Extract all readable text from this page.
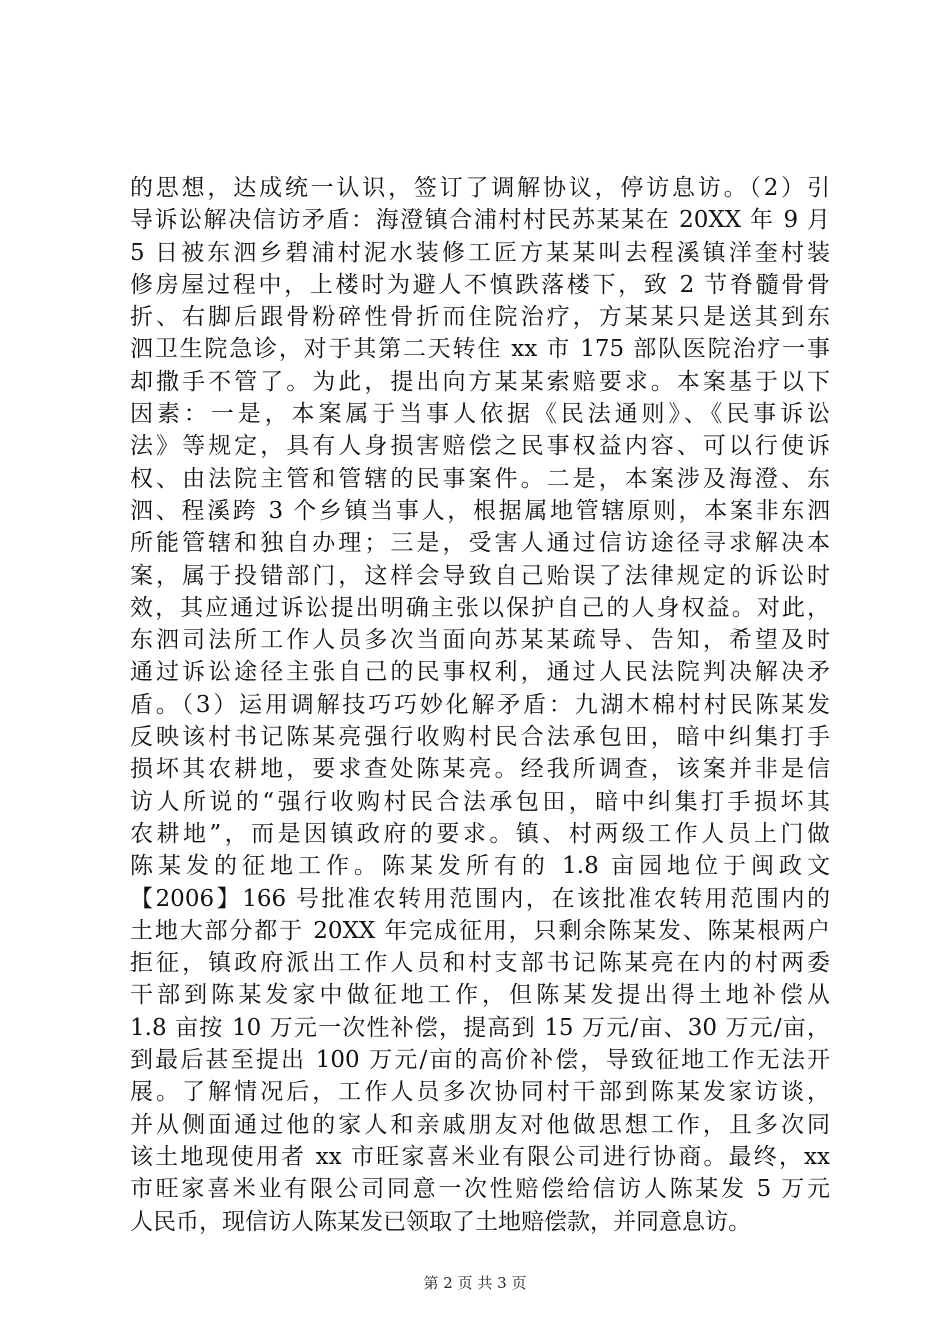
的思想，达成统一认识，签订了调解协议，停访息访。（2）引
导诉讼解决信访矛盾：海澄镇合浦村村民苏某某在 20XX 年 9 月
5 日被东泗乡碧浦村泥水装修工匠方某某叫去程溪镇洋奎村装
修房屋过程中，上楼时为避人不慎跌落楼下，致 2 节脊髓骨骨
折、右脚后跟骨粉碎性骨折而住院治疗，方某某只是送其到东
泗卫生院急诊，对于其第二天转住 xx 市 175 部队医院治疗一事
却撒手不管了。为此，提出向方某某索赔要求。本案基于以下
因素：一是，本案属于当事人依据《民法通则》、《民事诉讼
法》等规定，具有人身损害赔偿之民事权益内容、可以行使诉
权、由法院主管和管辖的民事案件。二是，本案涉及海澄、东
泗、程溪跨 3 个乡镇当事人，根据属地管辖原则，本案非东泗
所能管辖和独自办理；三是，受害人通过信访途径寻求解决本
案，属于投错部门，这样会导致自己贻误了法律规定的诉讼时
效，其应通过诉讼提出明确主张以保护自己的人身权益。对此，
东泗司法所工作人员多次当面向苏某某疏导、告知，希望及时
通过诉讼途径主张自己的民事权利，通过人民法院判决解决矛
盾。（3）运用调解技巧巧妙化解矛盾：九湖木棉村村民陈某发
反映该村书记陈某亮强行收购村民合法承包田，暗中纠集打手
损坏其农耕地，要求查处陈某亮。经我所调查，该案并非是信
访人所说的“强行收购村民合法承包田，暗中纠集打手损坏其
农耕地”，而是因镇政府的要求。镇、村两级工作人员上门做
陈某发的征地工作。陈某发所有的 1.8 亩园地位于闽政文
【2006】166 号批准农转用范围内，在该批准农转用范围内的
土地大部分都于 20XX 年完成征用，只剩余陈某发、陈某根两户
拒征，镇政府派出工作人员和村支部书记陈某亮在内的村两委
干部到陈某发家中做征地工作，但陈某发提出得土地补偿从
1.8 亩按 10 万元一次性补偿，提高到 15 万元/亩、30 万元/亩，
到最后甚至提出 100 万元/亩的高价补偿，导致征地工作无法开
展。了解情况后，工作人员多次协同村干部到陈某发家访谈，
并从侧面通过他的家人和亲戚朋友对他做思想工作，且多次同
该土地现使用者 xx 市旺家喜米业有限公司进行协商。最终，xx
市旺家喜米业有限公司同意一次性赔偿给信访人陈某发 5 万元
人民币，现信访人陈某发已领取了土地赔偿款，并同意息访。
第 2 页 共 3 页
